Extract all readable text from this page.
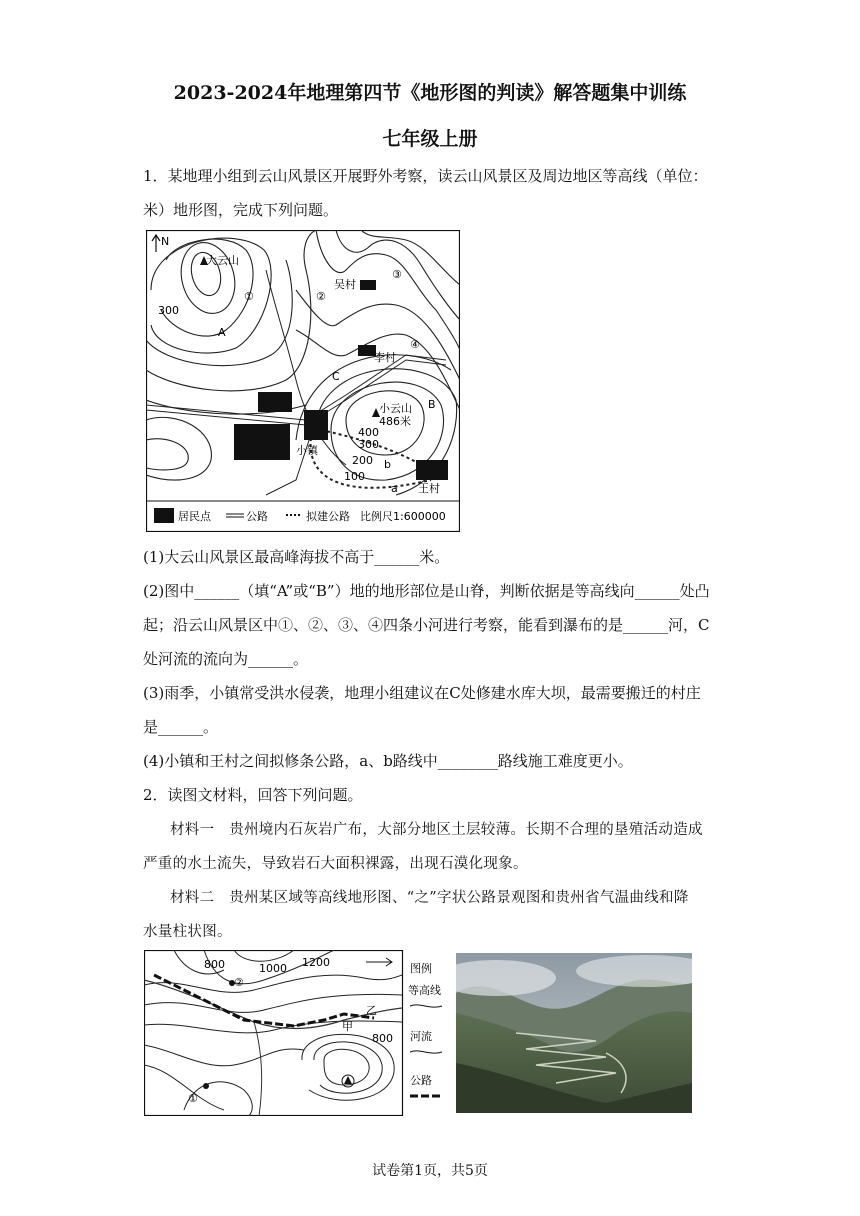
2023-2024年地理第四节《地形图的判读》解答题集中训练
七年级上册
1．某地理小组到云山风景区开展野外考察，读云山风景区及周边地区等高线（单位：
米）地形图，完成下列问题。
N
大云山
小云山
486米
300
400
300
200
100
①	②
③
④
吴村
李村
王村
小镇
A
B
C
a
b
居民点	公路	拟建公路 比例尺1:600000
(1)大云山风景区最高峰海拔不高于______米。
(2)图中______（填“A”或“B”）地的地形部位是山脊，判断依据是等高线向______处凸
起；沿云山风景区中①、②、③、④四条小河进行考察，能看到瀑布的是______河，C
处河流的流向为______。
(3)雨季，小镇常受洪水侵袭，地理小组建议在C处修建水库大坝，最需要搬迁的村庄
是______。
(4)小镇和王村之间拟修条公路，a、b路线中________路线施工难度更小。
2．读图文材料，回答下列问题。
材料一　贵州境内石灰岩广布，大部分地区土层较薄。长期不合理的垦殖活动造成
严重的水土流失，导致岩石大面积裸露，出现石漠化现象。
材料二　贵州某区域等高线地形图、“之”字状公路景观图和贵州省气温曲线和降
水量柱状图。
800	1000 1200
800
②
①
甲
乙
图例
等高线
河流
公路
试卷第1页，共5页
